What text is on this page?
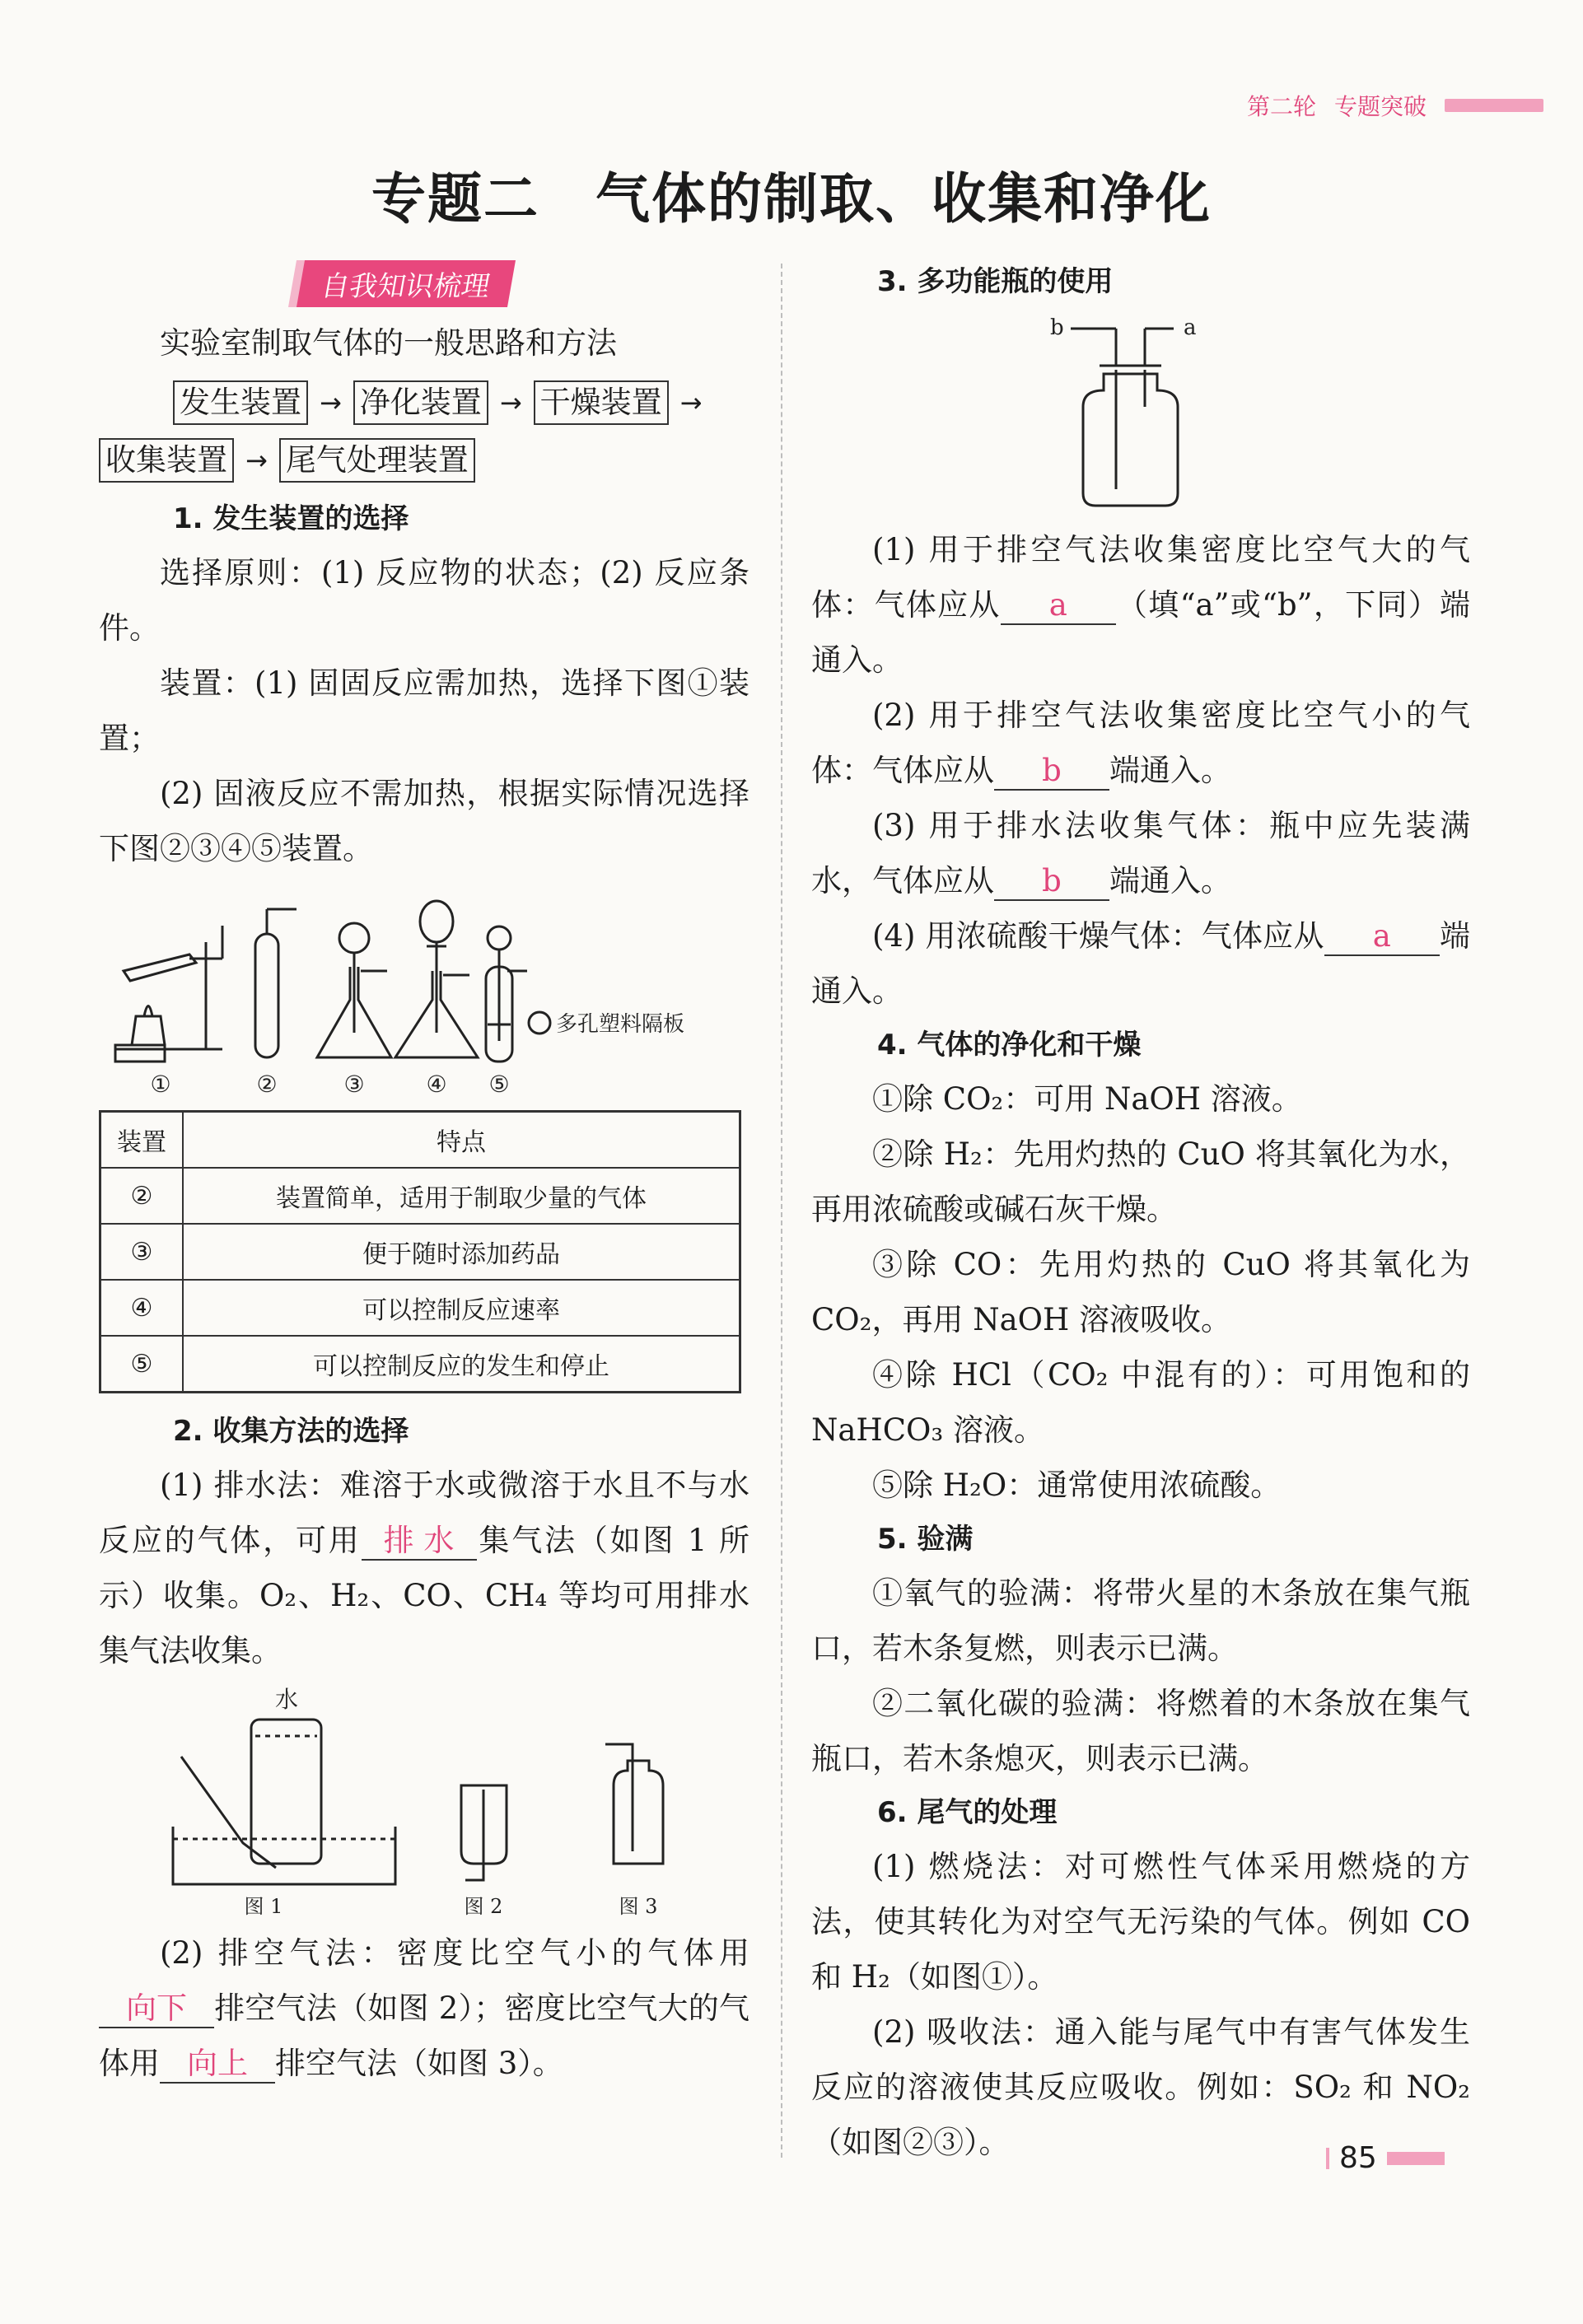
第二轮 专题突破
专题二　气体的制取、收集和净化
自我知识梳理

实验室制取气体的一般思路和方法

发生装置 → 净化装置 → 干燥装置 →
收集装置 → 尾气处理装置
1. 发生装置的选择

选择原则：(1) 反应物的状态；(2) 反应条件。

装置：(1) 固固反应需加热，选择下图①装置；

(2) 固液反应不需加热，根据实际情况选择下图②③④⑤装置。

①	②	③	④ ⑤
多孔塑料隔板
装置	特点
②	装置简单，适用于制取少量的气体
③	便于随时添加药品
④	可以控制反应速率
⑤	可以控制反应的发生和停止
2. 收集方法的选择

(1) 排水法：难溶于水或微溶于水且不与水反应的气体，可用 排 水 集气法（如图 1 所示）收集。O₂、H₂、CO、CH₄ 等均可用排水集气法收集。

水
图 1	图 2	图 3

(2) 排空气法：密度比空气小的气体用向下 排空气法（如图 2）；密度比空气大的气体用 向上 排空气法（如图 3）。

3. 多功能瓶的使用
b	a

(1) 用于排空气法收集密度比空气大的气体：气体应从 a （填“a”或“b”，下同）端通入。

(2) 用于排空气法收集密度比空气小的气体：气体应从 b 端通入。

(3) 用于排水法收集气体：瓶中应先装满水，气体应从 b 端通入。

(4) 用浓硫酸干燥气体：气体应从 a 端通入。

4. 气体的净化和干燥

①除 CO₂：可用 NaOH 溶液。

②除 H₂：先用灼热的 CuO 将其氧化为水，再用浓硫酸或碱石灰干燥。

③除 CO：先用灼热的 CuO 将其氧化为 CO₂，再用 NaOH 溶液吸收。

④除 HCl（CO₂ 中混有的）：可用饱和的 NaHCO₃ 溶液。

⑤除 H₂O：通常使用浓硫酸。

5. 验满

①氧气的验满：将带火星的木条放在集气瓶口，若木条复燃，则表示已满。

②二氧化碳的验满：将燃着的木条放在集气瓶口，若木条熄灭，则表示已满。

6. 尾气的处理

(1) 燃烧法：对可燃性气体采用燃烧的方法，使其转化为对空气无污染的气体。例如 CO 和 H₂（如图①）。

(2) 吸收法：通入能与尾气中有害气体发生反应的溶液使其反应吸收。例如：SO₂ 和 NO₂（如图②③）。	85
